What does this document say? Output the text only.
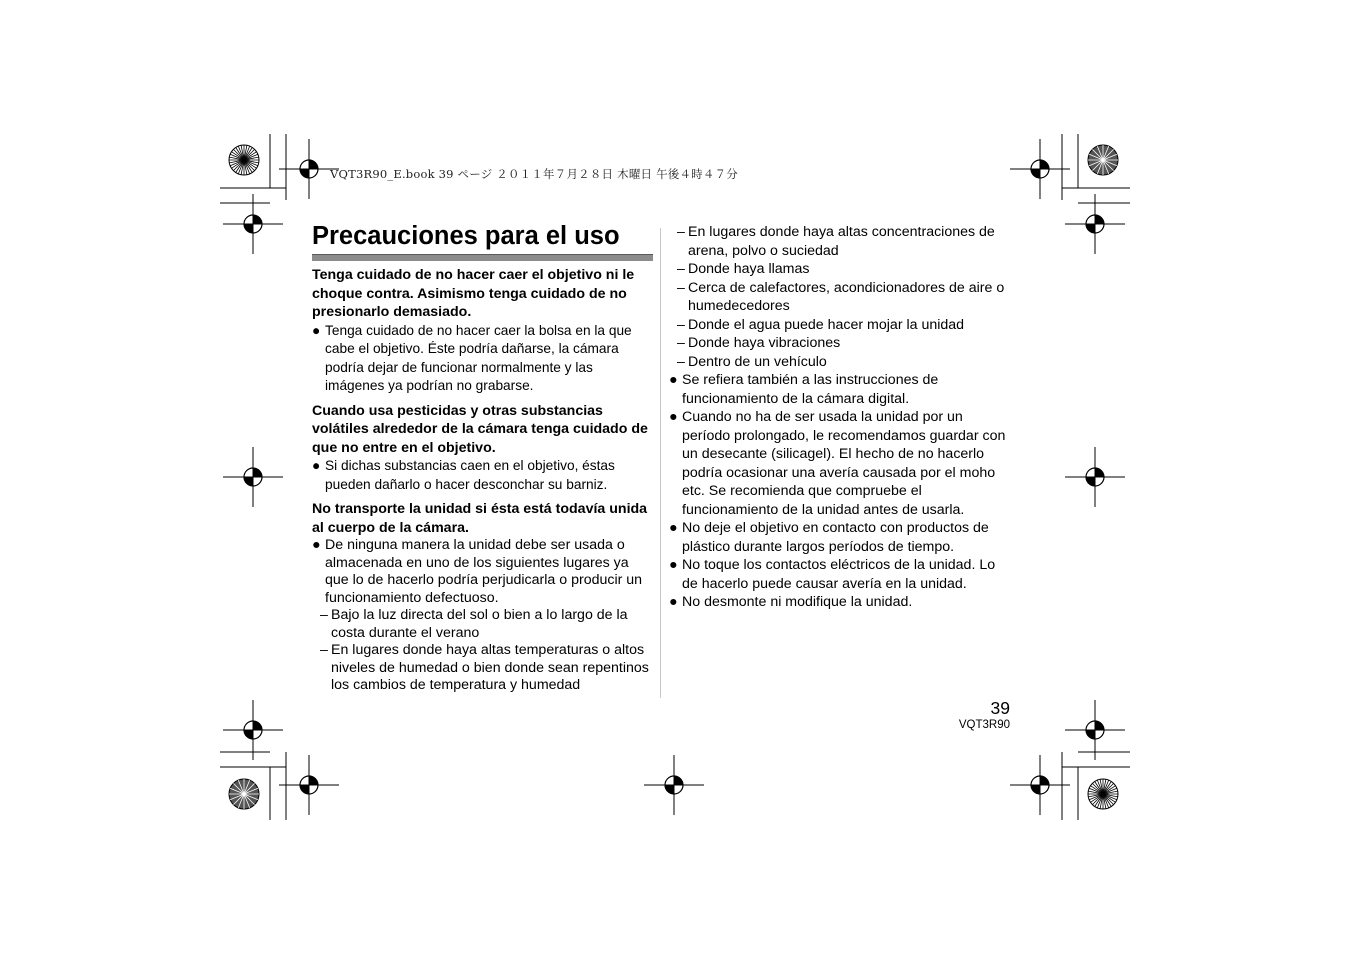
VQT3R90_E.book 39 ページ ２０１１年７月２８日 木曜日 午後４時４７分
Precauciones para el uso

Tenga cuidado de no hacer caer el objetivo ni le choque contra. Asimismo tenga cuidado de no presionarlo demasiado.

● Tenga cuidado de no hacer caer la bolsa en la que cabe el objetivo. Éste podría dañarse, la cámara podría dejar de funcionar normalmente y las imágenes ya podrían no grabarse.

Cuando usa pesticidas y otras substancias volátiles alrededor de la cámara tenga cuidado de que no entre en el objetivo.

● Si dichas substancias caen en el objetivo, éstas pueden dañarlo o hacer desconchar su barniz.

No transporte la unidad si ésta está todavía unida al cuerpo de la cámara.

● De ninguna manera la unidad debe ser usada o almacenada en uno de los siguientes lugares ya que lo de hacerlo podría perjudicarla o producir un funcionamiento defectuoso.
– Bajo la luz directa del sol o bien a lo largo de la costa durante el verano
– En lugares donde haya altas temperaturas o altos niveles de humedad o bien donde sean repentinos los cambios de temperatura y humedad
– En lugares donde haya altas concentraciones de arena, polvo o suciedad
– Donde haya llamas
– Cerca de calefactores, acondicionadores de aire o humedecedores
– Donde el agua puede hacer mojar la unidad
– Donde haya vibraciones
– Dentro de un vehículo
● Se refiera también a las instrucciones de funcionamiento de la cámara digital.
● Cuando no ha de ser usada la unidad por un período prolongado, le recomendamos guardar con un desecante (silicagel). El hecho de no hacerlo podría ocasionar una avería causada por el moho etc. Se recomienda que compruebe el funcionamiento de la unidad antes de usarla.
● No deje el objetivo en contacto con productos de plástico durante largos períodos de tiempo.
● No toque los contactos eléctricos de la unidad. Lo de hacerlo puede causar avería en la unidad.
● No desmonte ni modifique la unidad.
39
VQT3R90
